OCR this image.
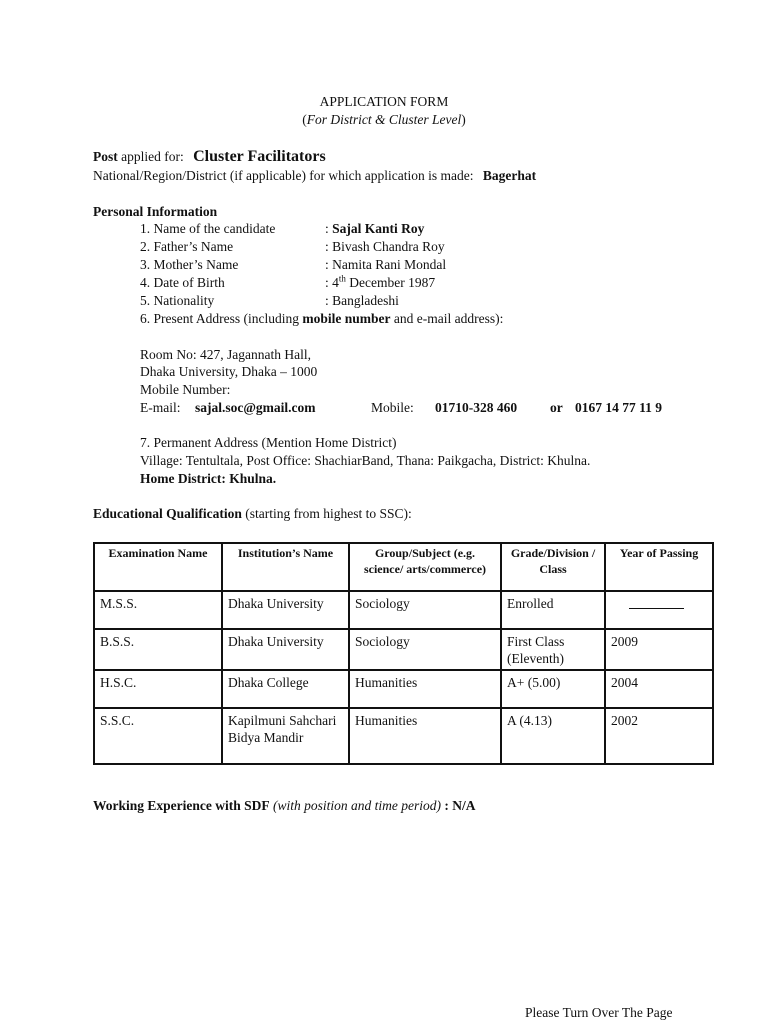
APPLICATION FORM
(For District & Cluster Level)
Post applied for: Cluster Facilitators
National/Region/District (if applicable) for which application is made: Bagerhat
Personal Information
1. Name of the candidate	: Sajal Kanti Roy
2. Father’s Name	: Bivash Chandra Roy
3. Mother’s Name	: Namita Rani Mondal
4. Date of Birth	: 4th December 1987
5. Nationality	: Bangladeshi
6. Present Address (including mobile number and e-mail address):
Room No: 427, Jagannath Hall,
Dhaka University, Dhaka – 1000
Mobile Number:
E-mail: sajal.soc@gmail.com	Mobile: 01710-328 460 or 0167 14 77 11 9
7. Permanent Address (Mention Home District)
Village: Tentultala, Post Office: ShachiarBand, Thana: Paikgacha, District: Khulna.
Home District: Khulna.
Educational Qualification (starting from highest to SSC):
Examination Name	Institution’s Name	Group/Subject (e.g. science/ arts/commerce)	Grade/Division / Class	Year of Passing
M.S.S.	Dhaka University	Sociology	Enrolled	
B.S.S.	Dhaka University	Sociology	First Class (Eleventh)	2009
H.S.C.	Dhaka College	Humanities	A+ (5.00)	2004
S.S.C.	Kapilmuni Sahchari Bidya Mandir	Humanities	A (4.13)	2002
Working Experience with SDF (with position and time period) : N/A
Please Turn Over The Page
